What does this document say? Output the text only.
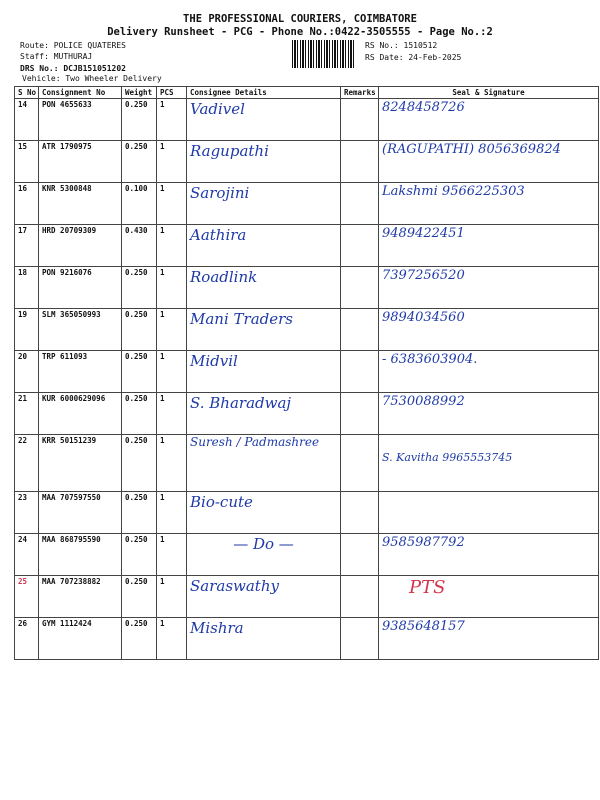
THE PROFESSIONAL COURIERS, COIMBATORE
Delivery Runsheet - PCG - Phone No.:0422-3505555 - Page No.:2
Route: POLICE QUATERES
Staff: MUTHURAJ
DRS No.: DCJB151051202
Vehicle: Two Wheeler Delivery
RS No.: 1510512
RS Date: 24-Feb-2025
S No	Consignment No	Weight	PCS	Consignee Details	Remarks	Seal & Signature
14	PON 4655633	0.250	1	Vadivel		8248458726
15	ATR 1790975	0.250	1	Ragupathi		(RAGUPATHI) 8056369824
16	KNR 5300848	0.100	1	Sarojini		Lakshmi 9566225303
17	HRD 20709309	0.430	1	Aathira		9489422451
18	PON 9216076	0.250	1	Roadlink		7397256520
19	SLM 365050993	0.250	1	Mani Traders		9894034560
20	TRP 611093	0.250	1	Midvil		- 6383603904.
21	KUR 6000629096	0.250	1	S. Bharadwaj		7530088992
22	KRR 50151239	0.250	1	Suresh / Padmashree		S. Kavitha 9965553745
23	MAA 707597550	0.250	1	Bio-cute		
24	MAA 868795590	0.250	1	— Do —		9585987792
25	MAA 707238882	0.250	1	Saraswathy		PTS
26	GYM 1112424	0.250	1	Mishra		9385648157
